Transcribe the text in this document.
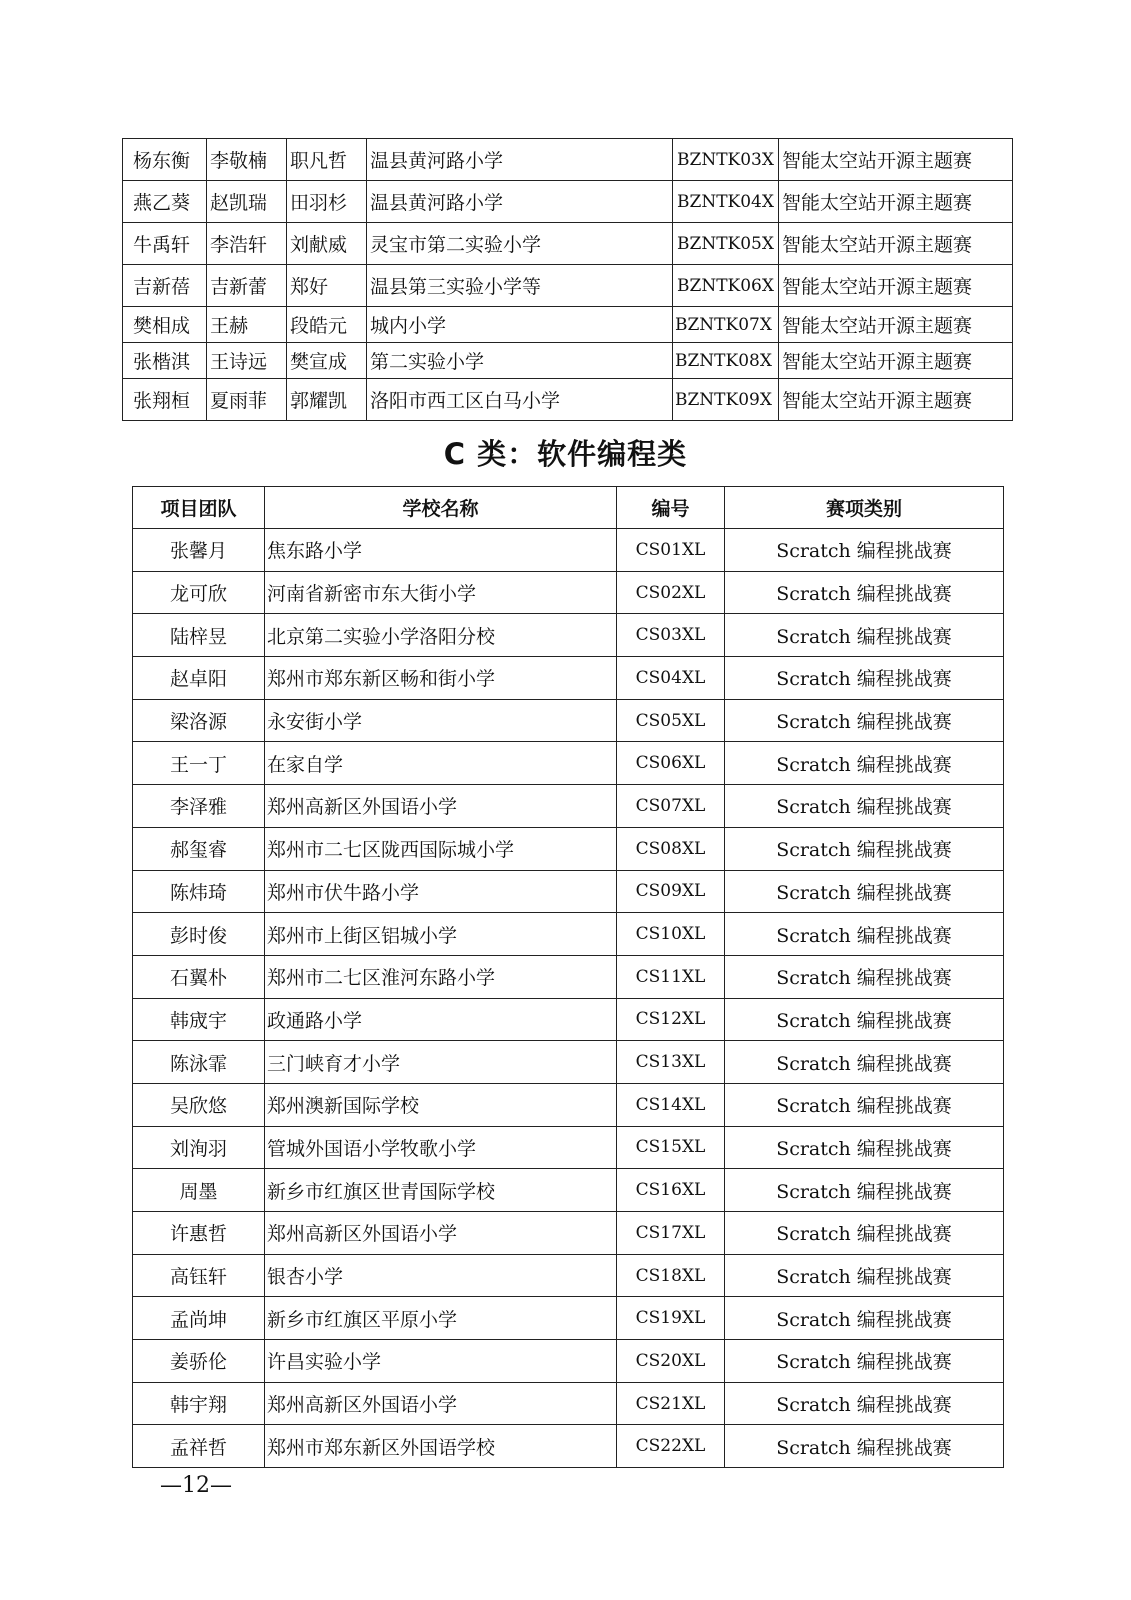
杨东衡	李敬楠	职凡哲	温县黄河路小学	BZNTK03X	智能太空站开源主题赛
燕乙葵	赵凯瑞	田羽杉	温县黄河路小学	BZNTK04X	智能太空站开源主题赛
牛禹轩	李浩轩	刘献威	灵宝市第二实验小学	BZNTK05X	智能太空站开源主题赛
吉新蓓	吉新蕾	郑好	温县第三实验小学等	BZNTK06X	智能太空站开源主题赛
樊相成	王赫	段皓元	城内小学	BZNTK07X	智能太空站开源主题赛
张楷淇	王诗远	樊宣成	第二实验小学	BZNTK08X	智能太空站开源主题赛
张翔桓	夏雨菲	郭耀凯	洛阳市西工区白马小学	BZNTK09X	智能太空站开源主题赛
C 类：软件编程类
项目团队	学校名称	编号	赛项类别
张馨月	焦东路小学	CS01XL	Scratch 编程挑战赛
龙可欣	河南省新密市东大街小学	CS02XL	Scratch 编程挑战赛
陆梓昱	北京第二实验小学洛阳分校	CS03XL	Scratch 编程挑战赛
赵卓阳	郑州市郑东新区畅和街小学	CS04XL	Scratch 编程挑战赛
梁洛源	永安街小学	CS05XL	Scratch 编程挑战赛
王一丁	在家自学	CS06XL	Scratch 编程挑战赛
李泽雅	郑州高新区外国语小学	CS07XL	Scratch 编程挑战赛
郝玺睿	郑州市二七区陇西国际城小学	CS08XL	Scratch 编程挑战赛
陈炜琦	郑州市伏牛路小学	CS09XL	Scratch 编程挑战赛
彭时俊	郑州市上街区铝城小学	CS10XL	Scratch 编程挑战赛
石翼朴	郑州市二七区淮河东路小学	CS11XL	Scratch 编程挑战赛
韩宬宇	政通路小学	CS12XL	Scratch 编程挑战赛
陈泳霏	三门峡育才小学	CS13XL	Scratch 编程挑战赛
吴欣悠	郑州澳新国际学校	CS14XL	Scratch 编程挑战赛
刘洵羽	管城外国语小学牧歌小学	CS15XL	Scratch 编程挑战赛
周墨	新乡市红旗区世青国际学校	CS16XL	Scratch 编程挑战赛
许惠哲	郑州高新区外国语小学	CS17XL	Scratch 编程挑战赛
高钰轩	银杏小学	CS18XL	Scratch 编程挑战赛
孟尚坤	新乡市红旗区平原小学	CS19XL	Scratch 编程挑战赛
姜骄伦	许昌实验小学	CS20XL	Scratch 编程挑战赛
韩宇翔	郑州高新区外国语小学	CS21XL	Scratch 编程挑战赛
孟祥哲	郑州市郑东新区外国语学校	CS22XL	Scratch 编程挑战赛
—12—
